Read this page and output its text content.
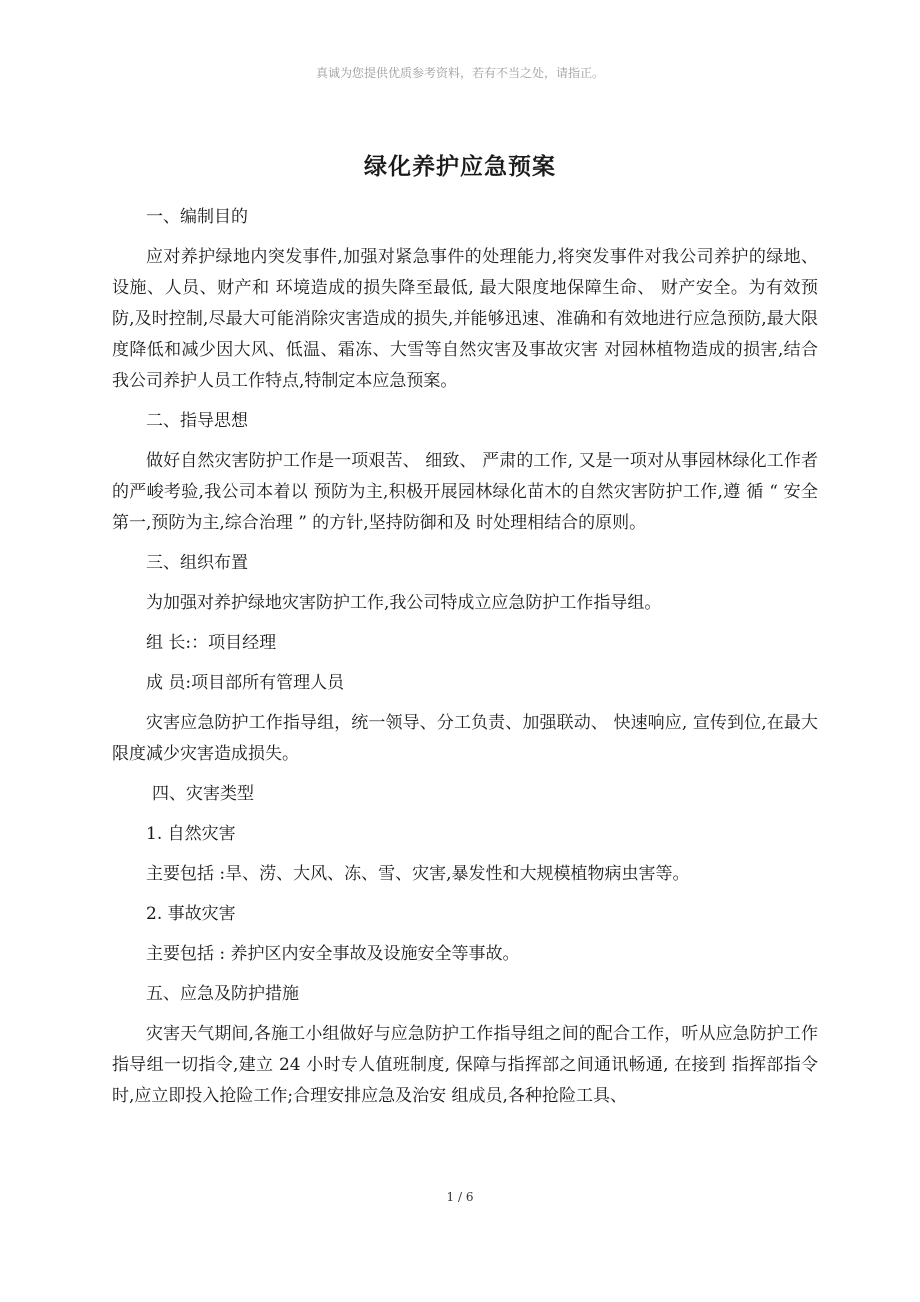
真诚为您提供优质参考资料，若有不当之处，请指正。
绿化养护应急预案

一、编制目的

应对养护绿地内突发事件,加强对紧急事件的处理能力,将突发事件对我公司养护的绿地、设施、人员、财产和 环境造成的损失降至最低, 最大限度地保障生命、 财产安全。为有效预防,及时控制,尽最大可能消除灾害造成的损失,并能够迅速、准确和有效地进行应急预防,最大限度降低和减少因大风、低温、霜冻、大雪等自然灾害及事故灾害 对园林植物造成的损害,结合我公司养护人员工作特点,特制定本应急预案。

二、指导思想

做好自然灾害防护工作是一项艰苦、 细致、 严肃的工作, 又是一项对从事园林绿化工作者的严峻考验,我公司本着以 预防为主,积极开展园林绿化苗木的自然灾害防护工作,遵 循 “ 安全第一,预防为主,综合治理 ” 的方针,坚持防御和及 时处理相结合的原则。

三、组织布置

为加强对养护绿地灾害防护工作,我公司特成立应急防护工作指导组。

组 长:：项目经理

成 员:项目部所有管理人员

灾害应急防护工作指导组，统一领导、分工负责、加强联动、 快速响应, 宣传到位,在最大限度减少灾害造成损失。

四、灾害类型

1. 自然灾害

主要包括 :旱、涝、大风、冻、雪、灾害,暴发性和大规模植物病虫害等。

2. 事故灾害

主要包括 : 养护区内安全事故及设施安全等事故。

五、应急及防护措施

灾害天气期间,各施工小组做好与应急防护工作指导组之间的配合工作，听从应急防护工作指导组一切指令,建立 24 小时专人值班制度, 保障与指挥部之间通讯畅通, 在接到 指挥部指令时,应立即投入抢险工作;合理安排应急及治安 组成员,各种抢险工具、

1 / 6
